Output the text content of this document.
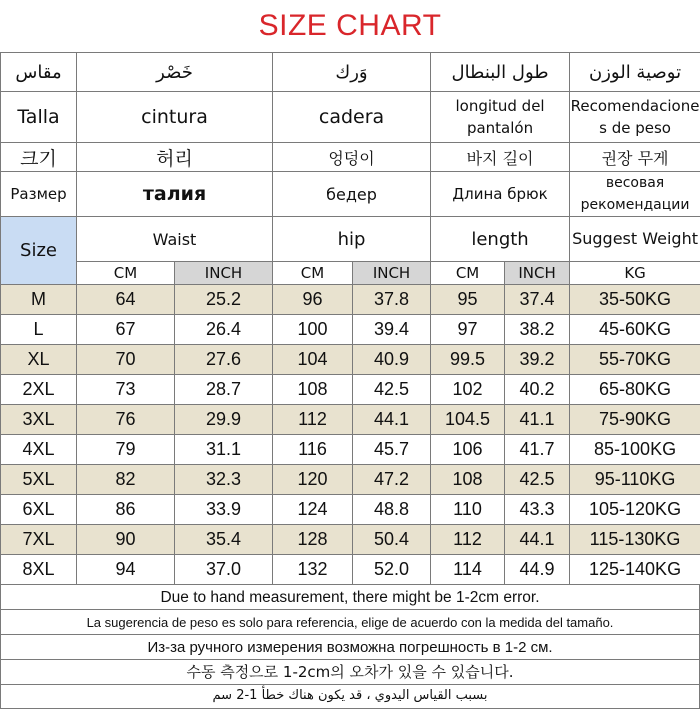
SIZE CHART
مقاس	خَصْر		وَرك		طول البنطال		توصية الوزن
Talla	cintura		cadera		longitud del pantalón		Recomendaciones de peso
크기	허리		엉덩이		바지 길이		권장 무게
Размер	талия		бедер		Длина брюк		весовая рекомендации
Size	Waist		hip		length		Suggest Weight
	CM	INCH	CM	INCH	CM	INCH	KG
M	64	25.2	96	37.8	95	37.4	35-50KG
L	67	26.4	100	39.4	97	38.2	45-60KG
XL	70	27.6	104	40.9	99.5	39.2	55-70KG
2XL	73	28.7	108	42.5	102	40.2	65-80KG
3XL	76	29.9	112	44.1	104.5	41.1	75-90KG
4XL	79	31.1	116	45.7	106	41.7	85-100KG
5XL	82	32.3	120	47.2	108	42.5	95-110KG
6XL	86	33.9	124	48.8	110	43.3	105-120KG
7XL	90	35.4	128	50.4	112	44.1	115-130KG
8XL	94	37.0	132	52.0	114	44.9	125-140KG
Due to hand measurement, there might be 1-2cm error.
La sugerencia de peso es solo para referencia, elige de acuerdo con la medida del tamaño.
Из-за ручного измерения возможна погрешность в 1-2 см.
수동 측정으로 1-2cm의 오차가 있을 수 있습니다.
بسبب القياس اليدوي ، قد يكون هناك خطأ 1-2 سم
